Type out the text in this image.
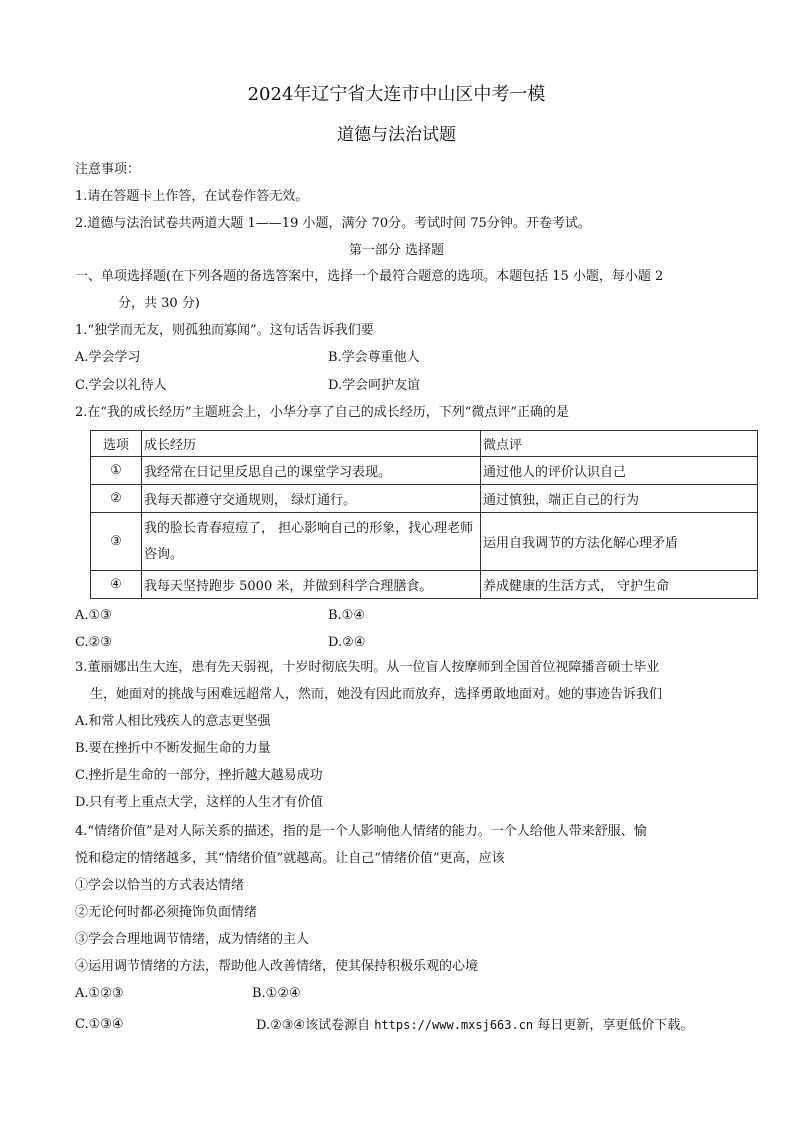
2024年辽宁省大连市中山区中考一模
道德与法治试题
注意事项：
1.请在答题卡上作答，在试卷作答无效。
2.道德与法治试卷共两道大题 1——19 小题，满分 70分。考试时间 75分钟。开卷考试。
第一部分 选择题
一、单项选择题(在下列各题的备选答案中，选择一个最符合题意的选项。本题包括 15 小题，每小题 2
分，共 30 分)
1.“独学而无友，则孤独而寡闻”。这句话告诉我们要
A.学会学习	B.学会尊重他人
C.学会以礼待人	D.学会呵护友谊
2.在“我的成长经历”主题班会上，小华分享了自己的成长经历，下列“微点评”正确的是
选项	成长经历	微点评
①	我经常在日记里反思自己的课堂学习表现。	通过他人的评价认识自己
②	我每天都遵守交通规则， 绿灯通行。	通过慎独，端正自己的行为
③	我的脸长青春痘痘了， 担心影响自己的形象，找心理老师咨询。	运用自我调节的方法化解心理矛盾
④	我每天坚持跑步 5000 米，并做到科学合理膳食。	养成健康的生活方式， 守护生命
A.①③	B.①④
C.②③	D.②④
3.董丽娜出生大连，患有先天弱视，十岁时彻底失明。从一位盲人按摩师到全国首位视障播音硕士毕业
生，她面对的挑战与困难远超常人，然而，她没有因此而放弃，选择勇敢地面对。她的事迹告诉我们
A.和常人相比残疾人的意志更坚强
B.要在挫折中不断发掘生命的力量
C.挫折是生命的一部分，挫折越大越易成功
D.只有考上重点大学，这样的人生才有价值
4.“情绪价值”是对人际关系的描述，指的是一个人影响他人情绪的能力。一个人给他人带来舒服、愉
悦和稳定的情绪越多，其“情绪价值”就越高。让自己“情绪价值”更高，应该
①学会以恰当的方式表达情绪
②无论何时都必须掩饰负面情绪
③学会合理地调节情绪，成为情绪的主人
④运用调节情绪的方法，帮助他人改善情绪，使其保持积极乐观的心境
A.①②③	B.①②④
C.①③④	D.②③④该试卷源自 https://www.mxsj663.cn 每日更新，享更低价下载。
